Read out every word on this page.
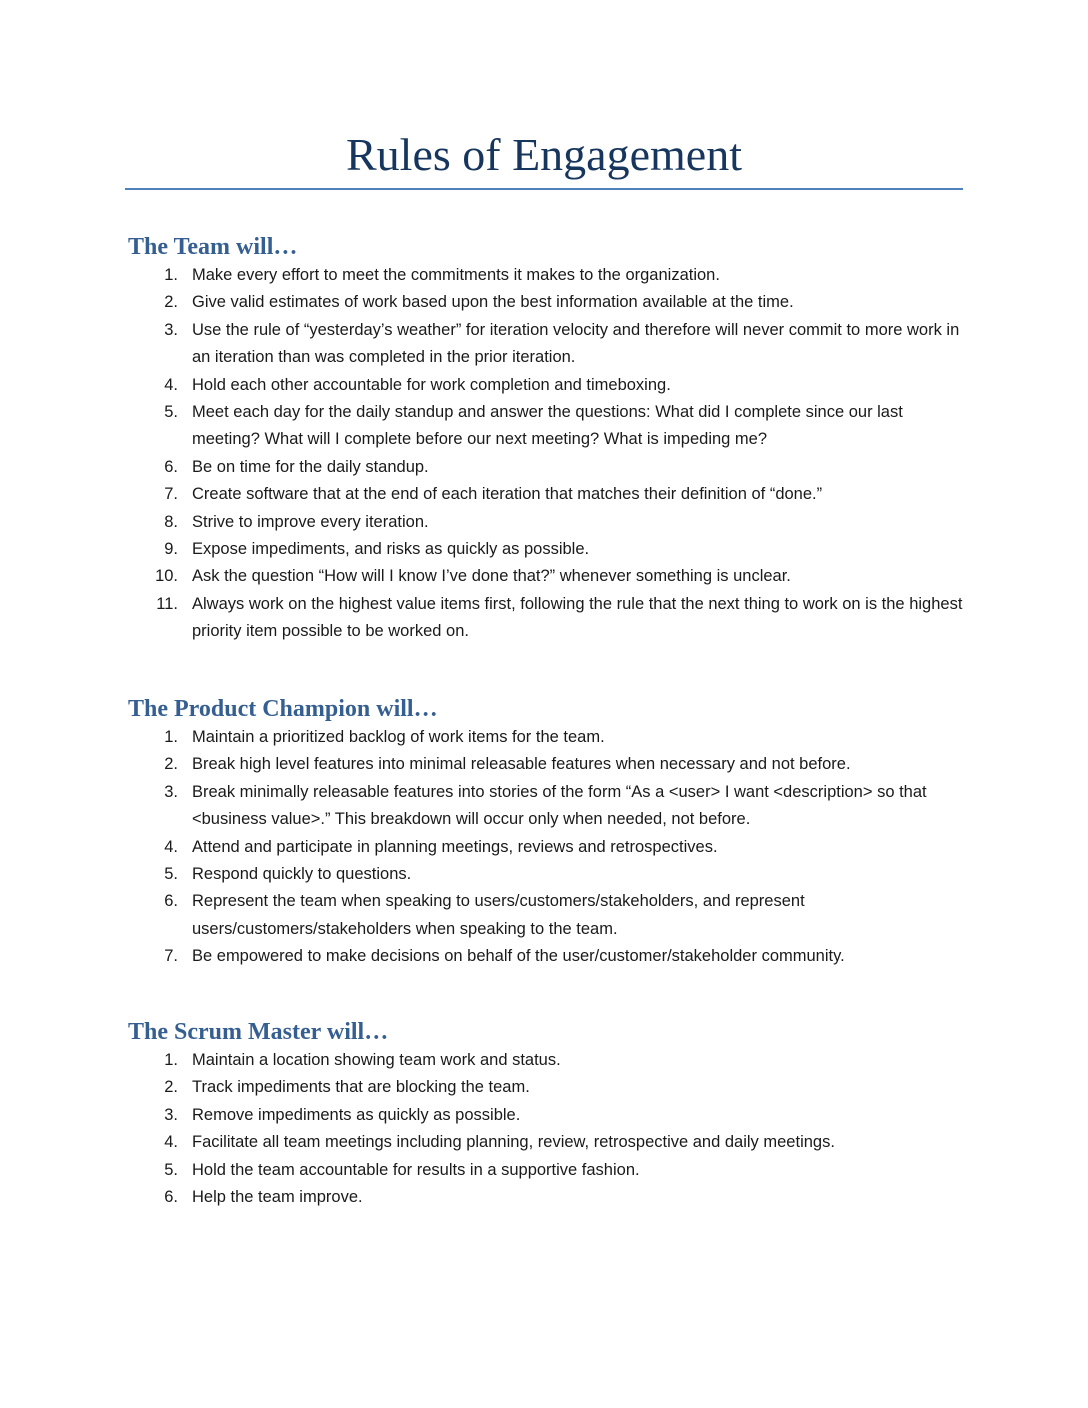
Rules of Engagement
The Team will…
1. Make every effort to meet the commitments it makes to the organization.
2. Give valid estimates of work based upon the best information available at the time.
3. Use the rule of “yesterday’s weather” for iteration velocity and therefore will never commit to more work in an iteration than was completed in the prior iteration.
4. Hold each other accountable for work completion and timeboxing.
5. Meet each day for the daily standup and answer the questions: What did I complete since our last meeting? What will I complete before our next meeting? What is impeding me?
6. Be on time for the daily standup.
7. Create software that at the end of each iteration that matches their definition of “done.”
8. Strive to improve every iteration.
9. Expose impediments, and risks as quickly as possible.
10. Ask the question “How will I know I’ve done that?” whenever something is unclear.
11. Always work on the highest value items first, following the rule that the next thing to work on is the highest priority item possible to be worked on.
The Product Champion will…
1. Maintain a prioritized backlog of work items for the team.
2. Break high level features into minimal releasable features when necessary and not before.
3. Break minimally releasable features into stories of the form “As a <user> I want <description> so that <business value>.” This breakdown will occur only when needed, not before.
4. Attend and participate in planning meetings, reviews and retrospectives.
5. Respond quickly to questions.
6. Represent the team when speaking to users/customers/stakeholders, and represent users/customers/stakeholders when speaking to the team.
7. Be empowered to make decisions on behalf of the user/customer/stakeholder community.
The Scrum Master will…
1. Maintain a location showing team work and status.
2. Track impediments that are blocking the team.
3. Remove impediments as quickly as possible.
4. Facilitate all team meetings including planning, review, retrospective and daily meetings.
5. Hold the team accountable for results in a supportive fashion.
6. Help the team improve.
